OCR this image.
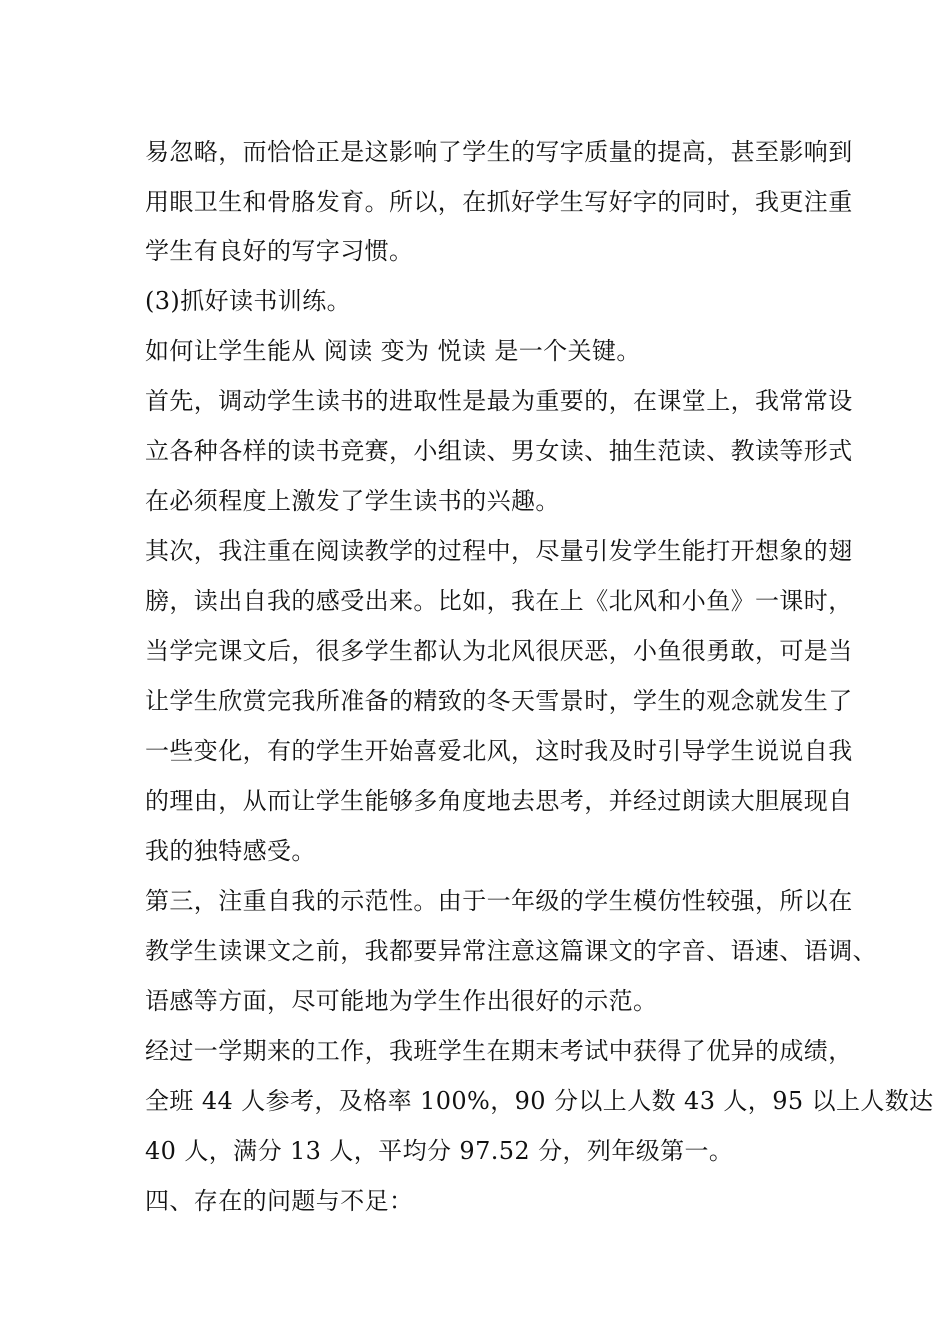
易忽略，而恰恰正是这影响了学生的写字质量的提高，甚至影响到
用眼卫生和骨胳发育。所以，在抓好学生写好字的同时，我更注重
学生有良好的写字习惯。
(3)抓好读书训练。
如何让学生能从 阅读 变为 悦读 是一个关键。
首先，调动学生读书的进取性是最为重要的，在课堂上，我常常设
立各种各样的读书竞赛，小组读、男女读、抽生范读、教读等形式
在必须程度上激发了学生读书的兴趣。
其次，我注重在阅读教学的过程中，尽量引发学生能打开想象的翅
膀，读出自我的感受出来。比如，我在上《北风和小鱼》一课时，
当学完课文后，很多学生都认为北风很厌恶，小鱼很勇敢，可是当
让学生欣赏完我所准备的精致的冬天雪景时，学生的观念就发生了
一些变化，有的学生开始喜爱北风，这时我及时引导学生说说自我
的理由，从而让学生能够多角度地去思考，并经过朗读大胆展现自
我的独特感受。
第三，注重自我的示范性。由于一年级的学生模仿性较强，所以在
教学生读课文之前，我都要异常注意这篇课文的字音、语速、语调、
语感等方面，尽可能地为学生作出很好的示范。
经过一学期来的工作，我班学生在期末考试中获得了优异的成绩，
全班 44 人参考，及格率 100%，90 分以上人数 43 人，95 以上人数达
40 人，满分 13 人，平均分 97.52 分，列年级第一。
四、存在的问题与不足：
